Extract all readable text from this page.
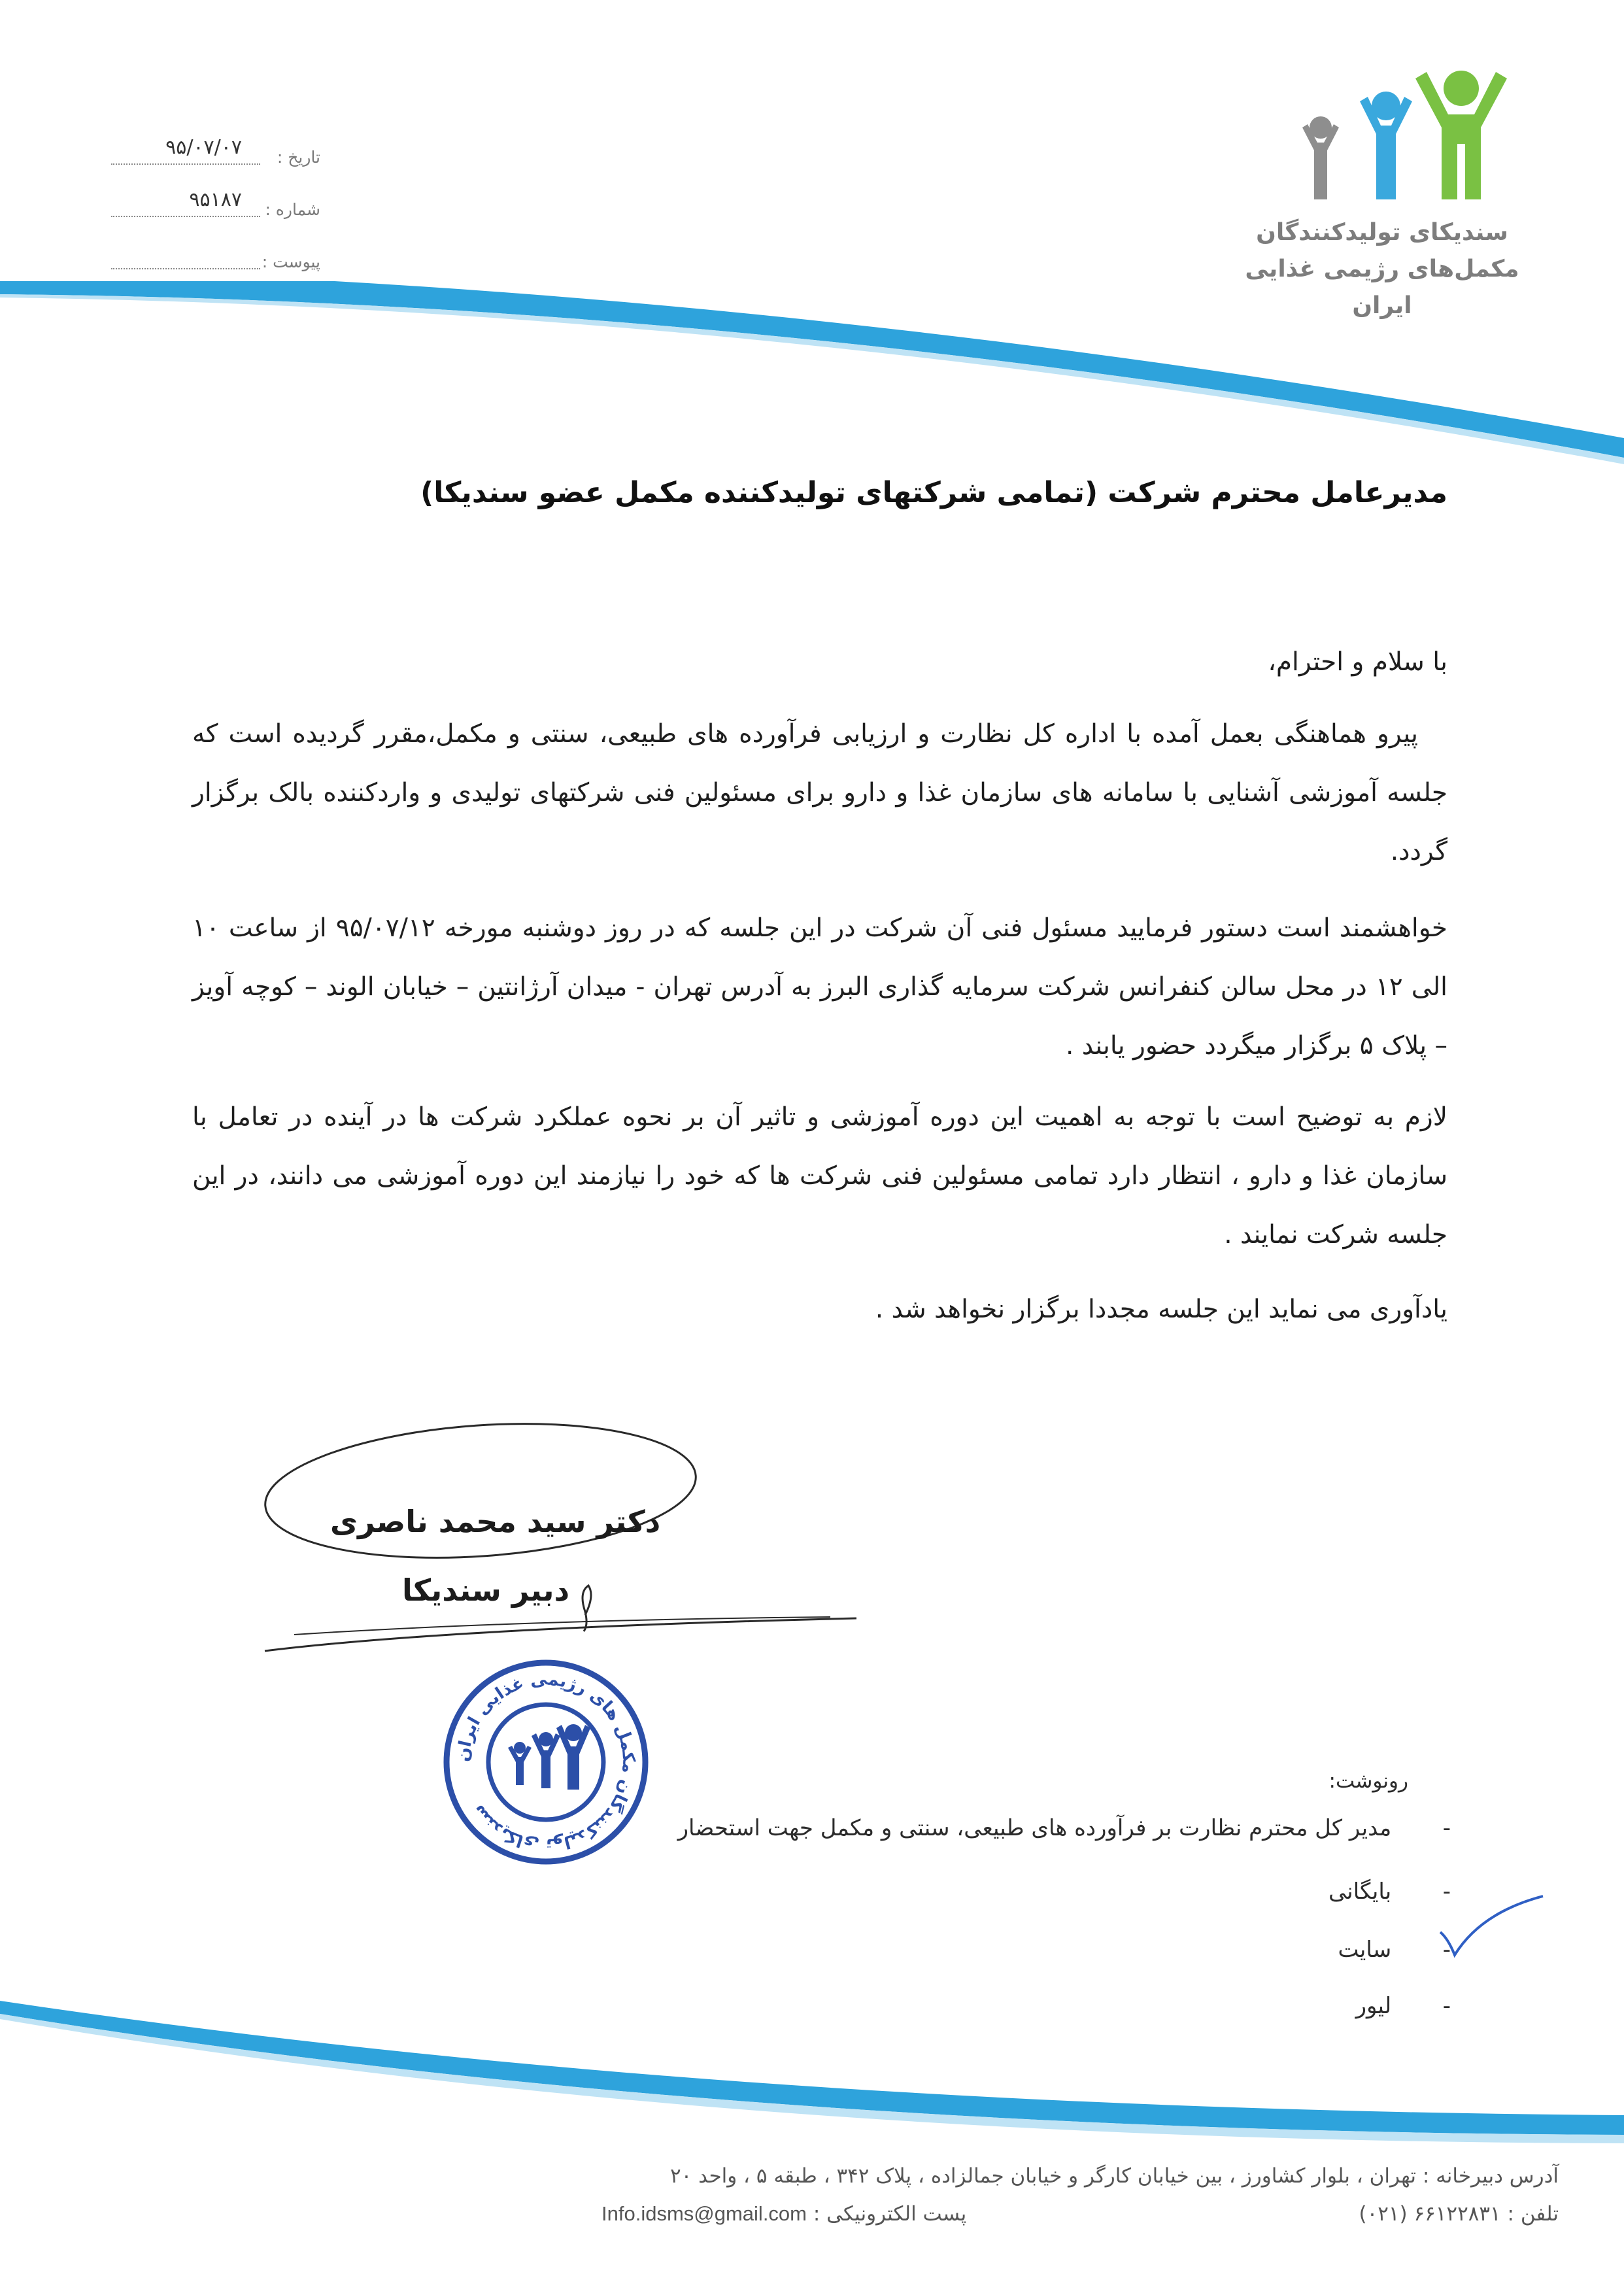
تاریخ :
۹۵/۰۷/۰۷
شماره :
۹۵۱۸۷
پیوست :
سندیکای تولیدکنندگان
مکمل‌های رژیمی غذایی
ایران
مدیرعامل محترم شرکت (تمامی شرکتهای تولیدکننده مکمل عضو سندیکا)
با سلام و احترام،
پیرو هماهنگی بعمل آمده با اداره کل نظارت و ارزیابی فرآورده های طبیعی، سنتی و مکمل،مقرر گردیده است که جلسه آموزشی آشنایی با سامانه های سازمان غذا و دارو برای مسئولین فنی شرکتهای تولیدی و واردکننده بالک برگزار گردد.
خواهشمند است دستور فرمایید مسئول فنی آن شرکت در این جلسه که در روز دوشنبه مورخه ۹۵/۰۷/۱۲ از ساعت ۱۰ الی ۱۲ در محل سالن کنفرانس شرکت سرمایه گذاری البرز به آدرس تهران - میدان آرژانتین – خیابان الوند – کوچه آویز – پلاک ۵ برگزار میگردد حضور یابند .
لازم به توضیح است با توجه به اهمیت این دوره آموزشی و تاثیر آن بر نحوه عملکرد شرکت ها در آینده در تعامل با سازمان غذا و دارو ، انتظار دارد تمامی مسئولین فنی شرکت ها که خود را نیازمند این دوره آموزشی می دانند، در این جلسه شرکت نمایند .
یادآوری می نماید این جلسه مجددا برگزار نخواهد شد .
دکتر سید محمد ناصری
دبیر سندیکا
سندیکای تولیدکنندگان مکمل های رژیمی غذایی ایران
رونوشت:
- مدیر کل محترم نظارت بر فرآورده های طبیعی، سنتی و مکمل جهت استحضار
- بایگانی
- سایت
- لیور
آدرس دبیرخانه : تهران ، بلوار کشاورز ، بین خیابان کارگر و خیابان جمالزاده ، پلاک ۳۴۲ ، طبقه ۵ ، واحد ۲۰
تلفن : ۶۶۱۲۲۸۳۱ (۰۲۱)
پست الکترونیکی : Info.idsms@gmail.com
